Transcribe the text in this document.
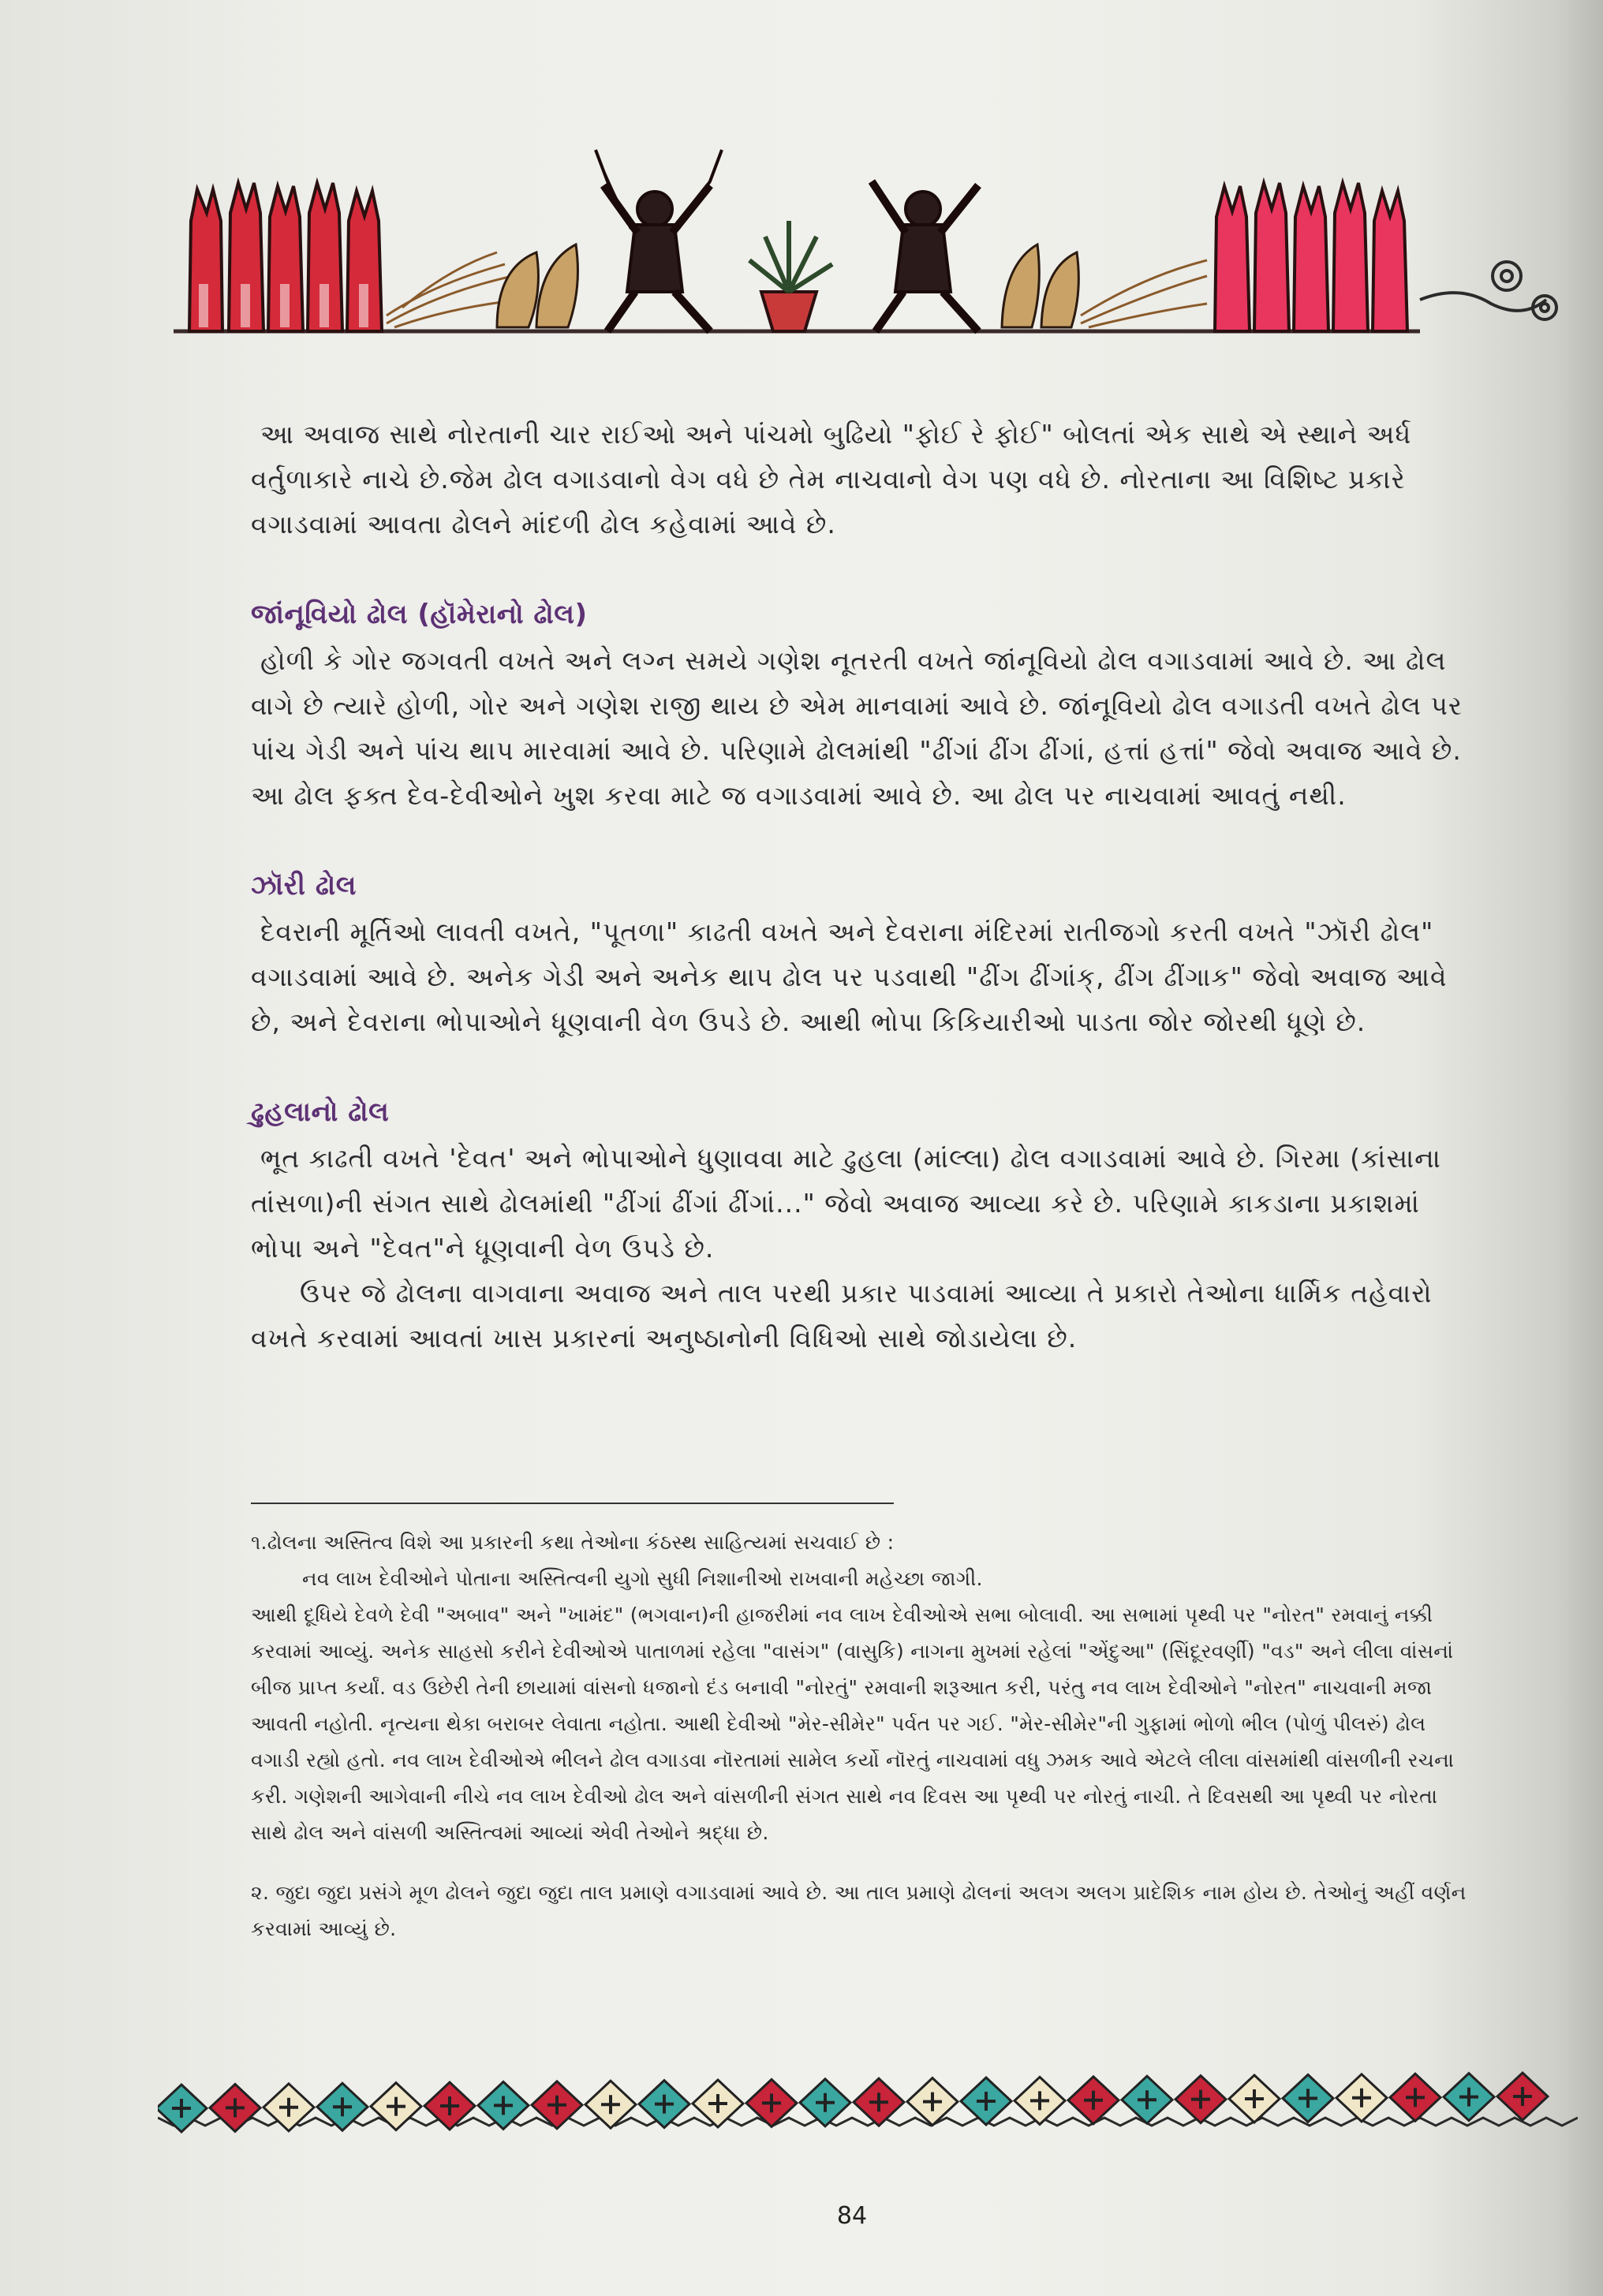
આ અવાજ સાથે નોરતાની ચાર રાઈઓ અને પાંચમો બુઢિયો "ફોઈ રે ફોઈ" બોલતાં એક સાથે એ સ્થાને અર્ધ વર્તુળાકારે નાચે છે.જેમ ઢોલ વગાડવાનો વેગ વધે છે તેમ નાચવાનો વેગ પણ વધે છે. નોરતાના આ વિશિષ્ટ પ્રકારે વગાડવામાં આવતા ઢોલને માંદળી ઢોલ કહેવામાં આવે છે.

જાંનૂવિયો ઢોલ (હૉમેરાનો ઢોલ)

હોળી કે ગોર જગવતી વખતે અને લગ્ન સમયે ગણેશ નૂતરતી વખતે જાંનૂવિયો ઢોલ વગાડવામાં આવે છે. આ ઢોલ વાગે છે ત્યારે હોળી, ગોર અને ગણેશ રાજી થાય છે એમ માનવામાં આવે છે. જાંનૂવિયો ઢોલ વગાડતી વખતે ઢોલ પર પાંચ ગેડી અને પાંચ થાપ મારવામાં આવે છે. પરિણામે ઢોલમાંથી "ઢીંગાં ઢીંગ ઢીંગાં, હત્તાં હત્તાં" જેવો અવાજ આવે છે. આ ઢોલ ફક્ત દેવ-દેવીઓને ખુશ કરવા માટે જ વગાડવામાં આવે છે. આ ઢોલ પર નાચવામાં આવતું નથી.

ઝૉરી ઢોલ

દેવરાની મૂર્તિઓ લાવતી વખતે, "પૂતળા" કાઢતી વખતે અને દેવરાના મંદિરમાં રાતીજગો કરતી વખતે "ઝૉરી ઢોલ" વગાડવામાં આવે છે. અનેક ગેડી અને અનેક થાપ ઢોલ પર પડવાથી "ઢીંગ ઢીંગાંક્, ઢીંગ ઢીંગાક" જેવો અવાજ આવે છે, અને દેવરાના ભોપાઓને ધૂણવાની વેળ ઉપડે છે. આથી ભોપા કિકિયારીઓ પાડતા જોર જોરથી ધૂણે છે.

ઢુહલાનો ઢોલ

ભૂત કાઢતી વખતે 'દેવત' અને ભોપાઓને ધુણાવવા માટે ઢુહલા (માંલ્લા) ઢોલ વગાડવામાં આવે છે. ગિરમા (કાંસાના તાંસળા)ની સંગત સાથે ઢોલમાંથી "ઢીંગાં ઢીંગાં ઢીંગાં..." જેવો અવાજ આવ્યા કરે છે. પરિણામે કાકડાના પ્રકાશમાં ભોપા અને "દેવત"ને ધૂણવાની વેળ ઉપડે છે.

ઉપર જે ઢોલના વાગવાના અવાજ અને તાલ પરથી પ્રકાર પાડવામાં આવ્યા તે પ્રકારો તેઓના ધાર્મિક તહેવારો વખતે કરવામાં આવતાં ખાસ પ્રકારનાં અનુષ્ઠાનોની વિધિઓ સાથે જોડાયેલા છે.

૧.ઢોલના અસ્તિત્વ વિશે આ પ્રકારની કથા તેઓના કંઠસ્થ સાહિત્યમાં સચવાઈ છે :

નવ લાખ દેવીઓને પોતાના અસ્તિત્વની યુગો સુધી નિશાનીઓ રાખવાની મહેચ્છા જાગી.

આથી દૂધિયે દેવળે દેવી "અબાવ" અને "ખામંદ" (ભગવાન)ની હાજરીમાં નવ લાખ દેવીઓએ સભા બોલાવી. આ સભામાં પૃથ્વી પર "નોરત" રમવાનું નક્કી કરવામાં આવ્યું. અનેક સાહસો કરીને દેવીઓએ પાતાળમાં રહેલા "વાસંગ" (વાસુકિ) નાગના મુખમાં રહેલાં "એંદુઆ" (સિંદૂરવર્ણી) "વડ" અને લીલા વાંસનાં બીજ પ્રાપ્ત કર્યાં. વડ ઉછેરી તેની છાયામાં વાંસનો ધજાનો દંડ બનાવી "નોરતું" રમવાની શરૂઆત કરી, પરંતુ નવ લાખ દેવીઓને "નોરત" નાચવાની મજા આવતી નહોતી. નૃત્યના થેકા બરાબર લેવાતા નહોતા. આથી દેવીઓ "મેર-સીમેર" પર્વત પર ગઈ. "મેર-સીમેર"ની ગુફામાં ભોળો ભીલ (પોળું પીલરું) ઢોલ વગાડી રહ્યો હતો. નવ લાખ દેવીઓએ ભીલને ઢોલ વગાડવા નૉરતામાં સામેલ કર્યો નૉરતું નાચવામાં વધુ ઝમક આવે એટલે લીલા વાંસમાંથી વાંસળીની રચના કરી. ગણેશની આગેવાની નીચે નવ લાખ દેવીઓ ઢોલ અને વાંસળીની સંગત સાથે નવ દિવસ આ પૃથ્વી પર નોરતું નાચી. તે દિવસથી આ પૃથ્વી પર નોરતા સાથે ઢોલ અને વાંસળી અસ્તિત્વમાં આવ્યાં એવી તેઓને શ્રદ્ધા છે.

૨. જુદા જુદા પ્રસંગે મૂળ ઢોલને જુદા જુદા તાલ પ્રમાણે વગાડવામાં આવે છે. આ તાલ પ્રમાણે ઢોલનાં અલગ અલગ પ્રાદેશિક નામ હોય છે. તેઓનું અહીં વર્ણન કરવામાં આવ્યું છે.

84
